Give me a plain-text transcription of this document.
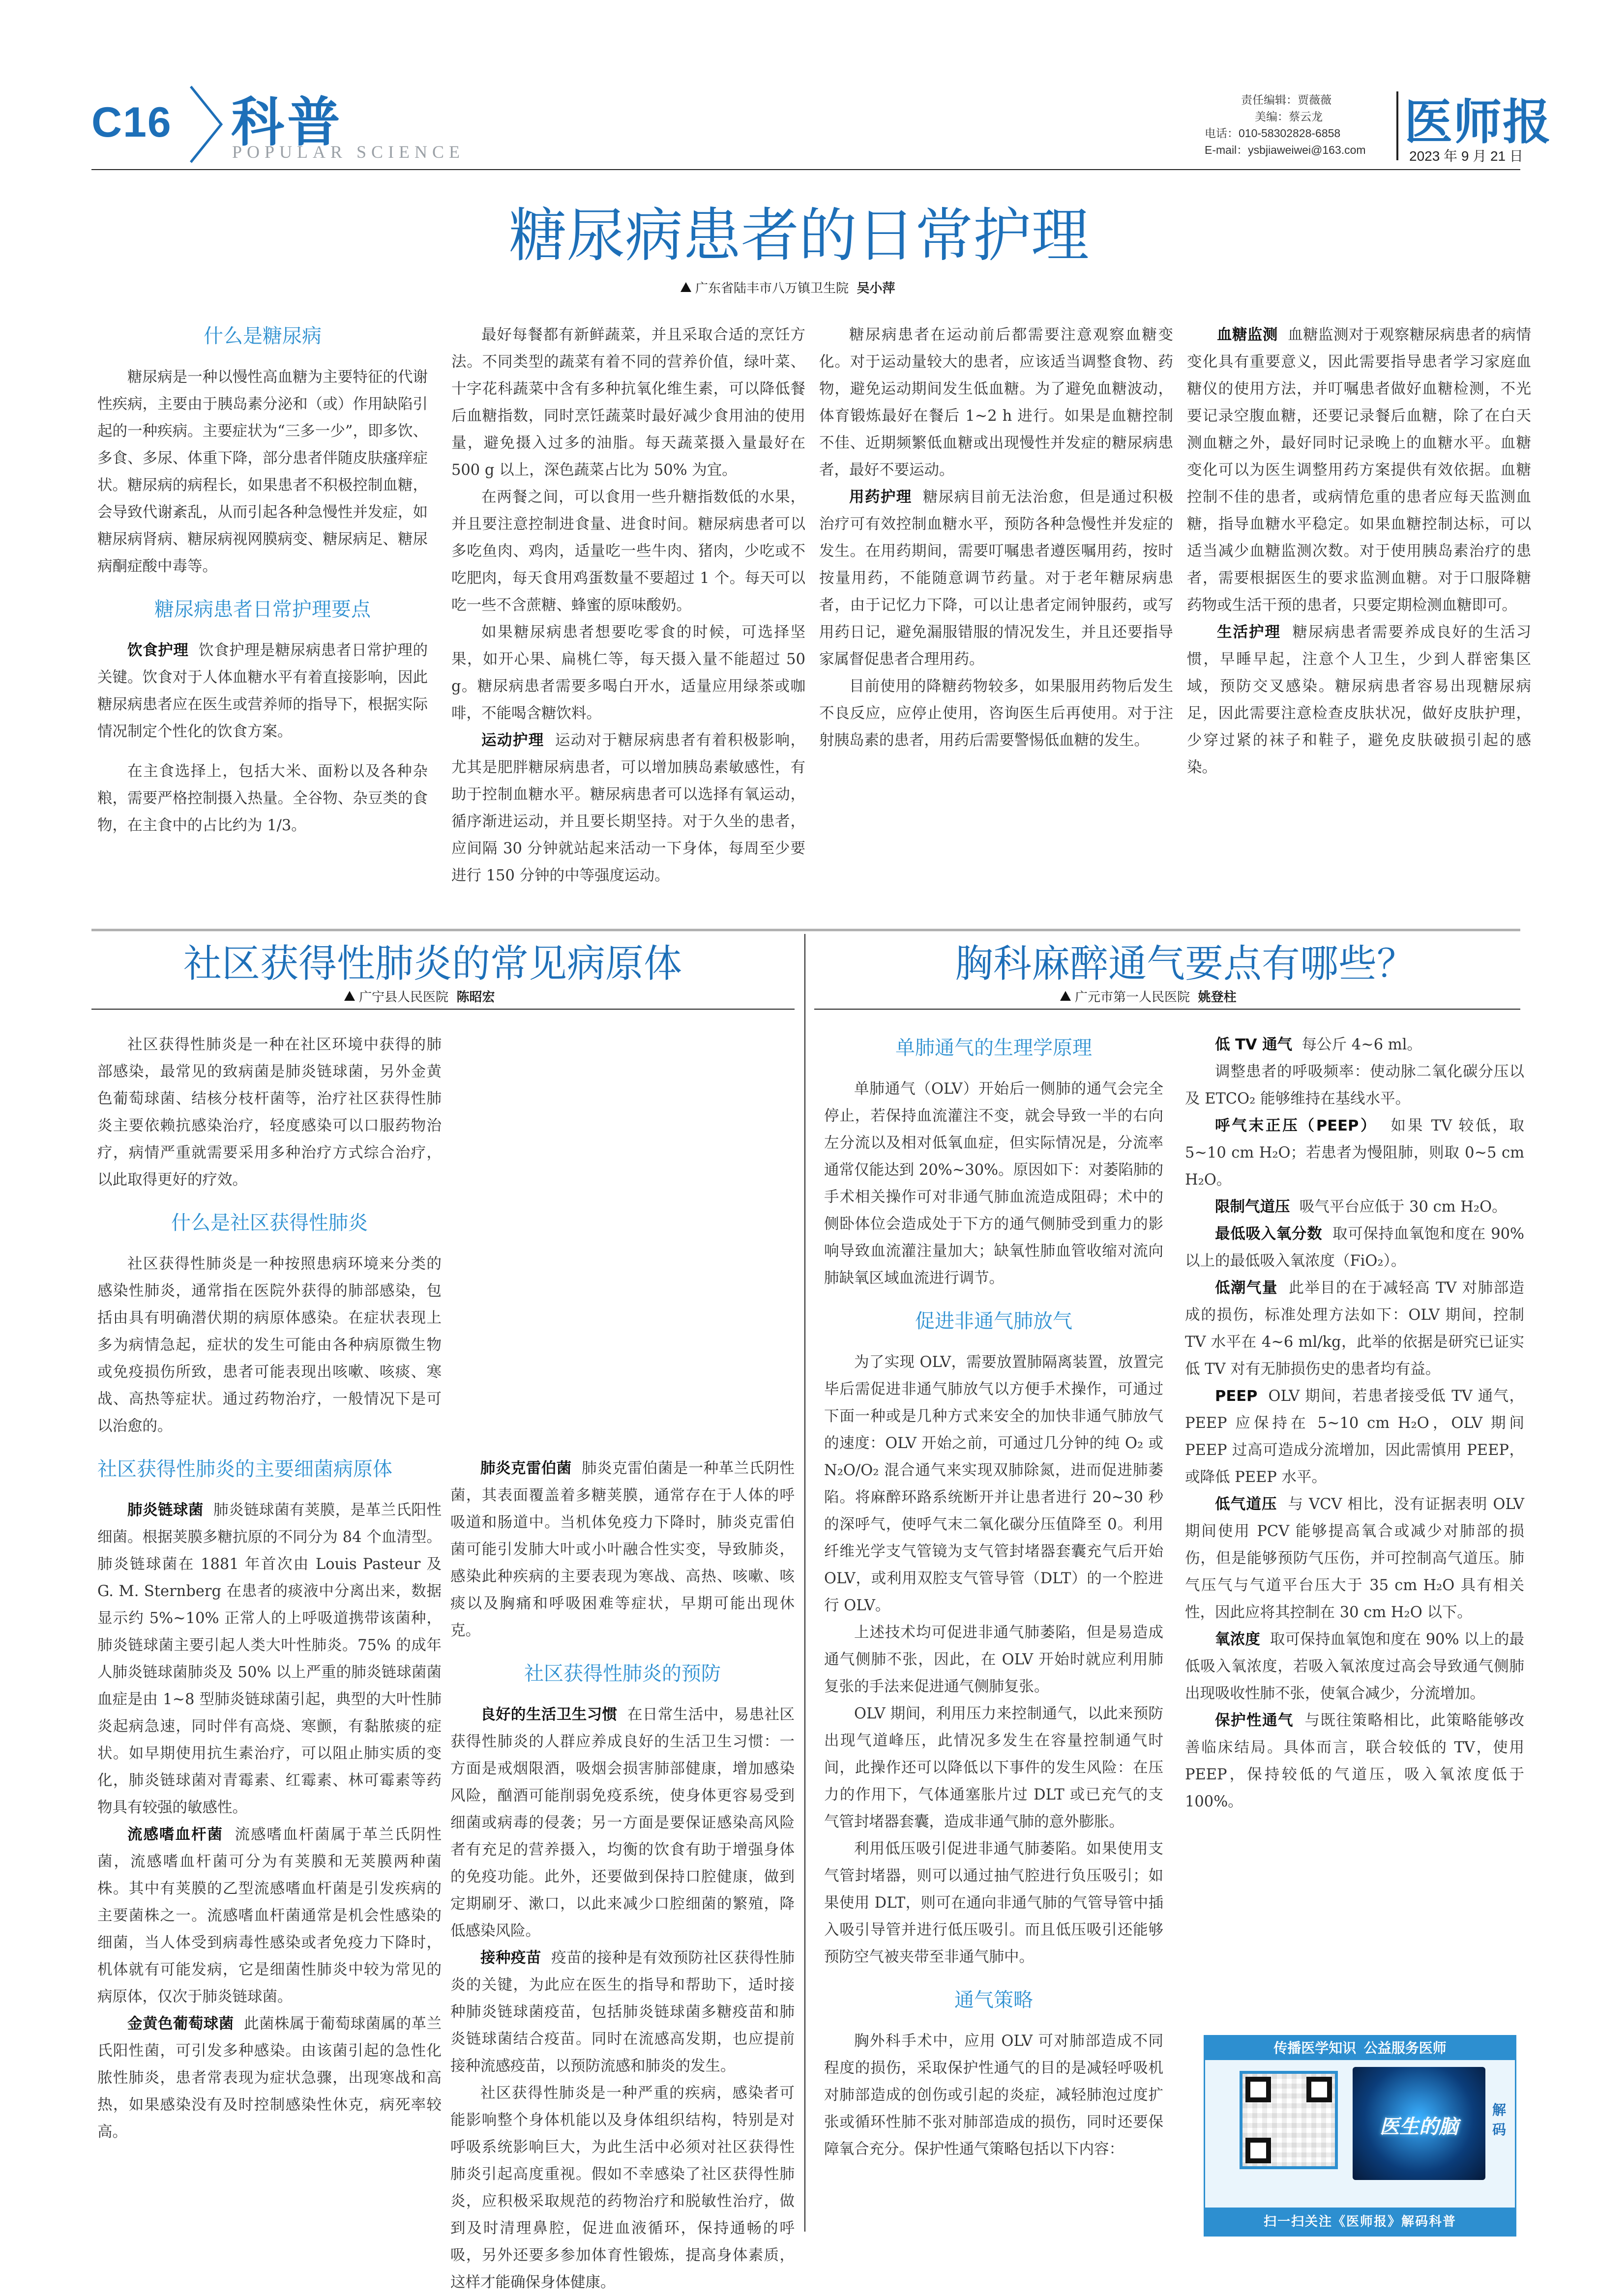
C16 科普
POPULAR SCIENCE
责任编辑：贾薇薇
美编：蔡云龙
电话：010-58302828-6858
E-mail：ysbjiaweiwei@163.com
医师报
2023 年 9 月 21 日
糖尿病患者的日常护理
广东省陆丰市八万镇卫生院 吴小萍
什么是糖尿病

糖尿病是一种以慢性高血糖为主要特征的代谢性疾病，主要由于胰岛素分泌和（或）作用缺陷引起的一种疾病。主要症状为“三多一少”，即多饮、多食、多尿、体重下降，部分患者伴随皮肤瘙痒症状。糖尿病的病程长，如果患者不积极控制血糖，会导致代谢紊乱，从而引起各种急慢性并发症，如糖尿病肾病、糖尿病视网膜病变、糖尿病足、糖尿病酮症酸中毒等。

糖尿病患者日常护理要点

饮食护理 饮食护理是糖尿病患者日常护理的关键。饮食对于人体血糖水平有着直接影响，因此糖尿病患者应在医生或营养师的指导下，根据实际情况制定个性化的饮食方案。

在主食选择上，包括大米、面粉以及各种杂粮，需要严格控制摄入热量。全谷物、杂豆类的食物，在主食中的占比约为 1/3。

最好每餐都有新鲜蔬菜，并且采取合适的烹饪方法。不同类型的蔬菜有着不同的营养价值，绿叶菜、十字花科蔬菜中含有多种抗氧化维生素，可以降低餐后血糖指数，同时烹饪蔬菜时最好减少食用油的使用量，避免摄入过多的油脂。每天蔬菜摄入量最好在 500 g 以上，深色蔬菜占比为 50% 为宜。

在两餐之间，可以食用一些升糖指数低的水果，并且要注意控制进食量、进食时间。糖尿病患者可以多吃鱼肉、鸡肉，适量吃一些牛肉、猪肉，少吃或不吃肥肉，每天食用鸡蛋数量不要超过 1 个。每天可以吃一些不含蔗糖、蜂蜜的原味酸奶。

如果糖尿病患者想要吃零食的时候，可选择坚果，如开心果、扁桃仁等，每天摄入量不能超过 50 g。糖尿病患者需要多喝白开水，适量应用绿茶或咖啡，不能喝含糖饮料。

运动护理 运动对于糖尿病患者有着积极影响，尤其是肥胖糖尿病患者，可以增加胰岛素敏感性，有助于控制血糖水平。糖尿病患者可以选择有氧运动，循序渐进运动，并且要长期坚持。对于久坐的患者，应间隔 30 分钟就站起来活动一下身体，每周至少要进行 150 分钟的中等强度运动。

糖尿病患者在运动前后都需要注意观察血糖变化。对于运动量较大的患者，应该适当调整食物、药物，避免运动期间发生低血糖。为了避免血糖波动，体育锻炼最好在餐后 1~2 h 进行。如果是血糖控制不佳、近期频繁低血糖或出现慢性并发症的糖尿病患者，最好不要运动。

用药护理 糖尿病目前无法治愈，但是通过积极治疗可有效控制血糖水平，预防各种急慢性并发症的发生。在用药期间，需要叮嘱患者遵医嘱用药，按时按量用药，不能随意调节药量。对于老年糖尿病患者，由于记忆力下降，可以让患者定闹钟服药，或写用药日记，避免漏服错服的情况发生，并且还要指导家属督促患者合理用药。

目前使用的降糖药物较多，如果服用药物后发生不良反应，应停止使用，咨询医生后再使用。对于注射胰岛素的患者，用药后需要警惕低血糖的发生。

血糖监测 血糖监测对于观察糖尿病患者的病情变化具有重要意义，因此需要指导患者学习家庭血糖仪的使用方法，并叮嘱患者做好血糖检测，不光要记录空腹血糖，还要记录餐后血糖，除了在白天测血糖之外，最好同时记录晚上的血糖水平。血糖变化可以为医生调整用药方案提供有效依据。血糖控制不佳的患者，或病情危重的患者应每天监测血糖，指导血糖水平稳定。如果血糖控制达标，可以适当减少血糖监测次数。对于使用胰岛素治疗的患者，需要根据医生的要求监测血糖。对于口服降糖药物或生活干预的患者，只要定期检测血糖即可。

生活护理 糖尿病患者需要养成良好的生活习惯，早睡早起，注意个人卫生，少到人群密集区域，预防交叉感染。糖尿病患者容易出现糖尿病足，因此需要注意检查皮肤状况，做好皮肤护理，少穿过紧的袜子和鞋子，避免皮肤破损引起的感染。

社区获得性肺炎的常见病原体
广宁县人民医院 陈昭宏

社区获得性肺炎是一种在社区环境中获得的肺部感染，最常见的致病菌是肺炎链球菌，另外金黄色葡萄球菌、结核分枝杆菌等，治疗社区获得性肺炎主要依赖抗感染治疗，轻度感染可以口服药物治疗，病情严重就需要采用多种治疗方式综合治疗，以此取得更好的疗效。

什么是社区获得性肺炎

社区获得性肺炎是一种按照患病环境来分类的感染性肺炎，通常指在医院外获得的肺部感染，包括由具有明确潜伏期的病原体感染。在症状表现上多为病情急起，症状的发生可能由各种病原微生物或免疫损伤所致，患者可能表现出咳嗽、咳痰、寒战、高热等症状。通过药物治疗，一般情况下是可以治愈的。

社区获得性肺炎的主要细菌病原体

肺炎链球菌 肺炎链球菌有荚膜，是革兰氏阳性细菌。根据荚膜多糖抗原的不同分为 84 个血清型。肺炎链球菌在 1881 年首次由 Louis Pasteur 及 G. M. Sternberg 在患者的痰液中分离出来，数据显示约 5%~10% 正常人的上呼吸道携带该菌种，肺炎链球菌主要引起人类大叶性肺炎。75% 的成年人肺炎链球菌肺炎及 50% 以上严重的肺炎链球菌菌血症是由 1~8 型肺炎链球菌引起，典型的大叶性肺炎起病急速，同时伴有高烧、寒颤，有黏脓痰的症状。如早期使用抗生素治疗，可以阻止肺实质的变化，肺炎链球菌对青霉素、红霉素、林可霉素等药物具有较强的敏感性。

流感嗜血杆菌 流感嗜血杆菌属于革兰氏阴性菌，流感嗜血杆菌可分为有荚膜和无荚膜两种菌株。其中有荚膜的乙型流感嗜血杆菌是引发疾病的主要菌株之一。流感嗜血杆菌通常是机会性感染的细菌，当人体受到病毒性感染或者免疫力下降时，机体就有可能发病，它是细菌性肺炎中较为常见的病原体，仅次于肺炎链球菌。

金黄色葡萄球菌 此菌株属于葡萄球菌属的革兰氏阳性菌，可引发多种感染。由该菌引起的急性化脓性肺炎，患者常表现为症状急骤，出现寒战和高热，如果感染没有及时控制感染性休克，病死率较高。

肺炎克雷伯菌 肺炎克雷伯菌是一种革兰氏阴性菌，其表面覆盖着多糖荚膜，通常存在于人体的呼吸道和肠道中。当机体免疫力下降时，肺炎克雷伯菌可能引发肺大叶或小叶融合性实变，导致肺炎，感染此种疾病的主要表现为寒战、高热、咳嗽、咳痰以及胸痛和呼吸困难等症状，早期可能出现休克。

社区获得性肺炎的预防

良好的生活卫生习惯 在日常生活中，易患社区获得性肺炎的人群应养成良好的生活卫生习惯：一方面是戒烟限酒，吸烟会损害肺部健康，增加感染风险，酗酒可能削弱免疫系统，使身体更容易受到细菌或病毒的侵袭；另一方面是要保证感染高风险者有充足的营养摄入，均衡的饮食有助于增强身体的免疫功能。此外，还要做到保持口腔健康，做到定期刷牙、漱口，以此来减少口腔细菌的繁殖，降低感染风险。

接种疫苗 疫苗的接种是有效预防社区获得性肺炎的关键，为此应在医生的指导和帮助下，适时接种肺炎链球菌疫苗，包括肺炎链球菌多糖疫苗和肺炎链球菌结合疫苗。同时在流感高发期，也应提前接种流感疫苗，以预防流感和肺炎的发生。

社区获得性肺炎是一种严重的疾病，感染者可能影响整个身体机能以及身体组织结构，特别是对呼吸系统影响巨大，为此生活中必须对社区获得性肺炎引起高度重视。假如不幸感染了社区获得性肺炎，应积极采取规范的药物治疗和脱敏性治疗，做到及时清理鼻腔，促进血液循环，保持通畅的呼吸，另外还要多参加体育性锻炼，提高身体素质，这样才能确保身体健康。

胸科麻醉通气要点有哪些？
广元市第一人民医院 姚登柱
单肺通气的生理学原理

单肺通气（OLV）开始后一侧肺的通气会完全停止，若保持血流灌注不变，就会导致一半的右向左分流以及相对低氧血症，但实际情况是，分流率通常仅能达到 20%~30%。原因如下：对萎陷肺的手术相关操作可对非通气肺血流造成阻碍；术中的侧卧体位会造成处于下方的通气侧肺受到重力的影响导致血流灌注量加大；缺氧性肺血管收缩对流向肺缺氧区域血流进行调节。

促进非通气肺放气

为了实现 OLV，需要放置肺隔离装置，放置完毕后需促进非通气肺放气以方便手术操作，可通过下面一种或是几种方式来安全的加快非通气肺放气的速度：OLV 开始之前，可通过几分钟的纯 O₂ 或 N₂O/O₂ 混合通气来实现双肺除氮，进而促进肺萎陷。将麻醉环路系统断开并让患者进行 20~30 秒的深呼气，使呼气末二氧化碳分压值降至 0。利用纤维光学支气管镜为支气管封堵器套囊充气后开始 OLV，或利用双腔支气管导管（DLT）的一个腔进行 OLV。

上述技术均可促进非通气肺萎陷，但是易造成通气侧肺不张，因此，在 OLV 开始时就应利用肺复张的手法来促进通气侧肺复张。

OLV 期间，利用压力来控制通气，以此来预防出现气道峰压，此情况多发生在容量控制通气时间，此操作还可以降低以下事件的发生风险：在压力的作用下，气体通塞胀片过 DLT 或已充气的支气管封堵器套囊，造成非通气肺的意外膨胀。

利用低压吸引促进非通气肺萎陷。如果使用支气管封堵器，则可以通过抽气腔进行负压吸引；如果使用 DLT，则可在通向非通气肺的气管导管中插入吸引导管并进行低压吸引。而且低压吸引还能够预防空气被夹带至非通气肺中。

通气策略

胸外科手术中，应用 OLV 可对肺部造成不同程度的损伤，采取保护性通气的目的是减轻呼吸机对肺部造成的创伤或引起的炎症，减轻肺泡过度扩张或循环性肺不张对肺部造成的损伤，同时还要保障氧合充分。保护性通气策略包括以下内容：

低 TV 通气 每公斤 4~6 ml。

调整患者的呼吸频率：使动脉二氧化碳分压以及 ETCO₂ 能够维持在基线水平。

呼气末正压（PEEP） 如果 TV 较低，取 5~10 cm H₂O；若患者为慢阻肺，则取 0~5 cm H₂O。

限制气道压 吸气平台应低于 30 cm H₂O。

最低吸入氧分数 取可保持血氧饱和度在 90% 以上的最低吸入氧浓度（FiO₂）。

低潮气量 此举目的在于减轻高 TV 对肺部造成的损伤，标准处理方法如下：OLV 期间，控制 TV 水平在 4~6 ml/kg，此举的依据是研究已证实低 TV 对有无肺损伤史的患者均有益。

PEEP OLV 期间，若患者接受低 TV 通气，PEEP 应保持在 5~10 cm H₂O，OLV 期间 PEEP 过高可造成分流增加，因此需慎用 PEEP，或降低 PEEP 水平。

低气道压 与 VCV 相比，没有证据表明 OLV 期间使用 PCV 能够提高氧合或减少对肺部的损伤，但是能够预防气压伤，并可控制高气道压。肺气压气与气道平台压大于 35 cm H₂O 具有相关性，因此应将其控制在 30 cm H₂O 以下。

氧浓度 取可保持血氧饱和度在 90% 以上的最低吸入氧浓度，若吸入氧浓度过高会导致通气侧肺出现吸收性肺不张，使氧合减少，分流增加。

保护性通气 与既往策略相比，此策略能够改善临床结局。具体而言，联合较低的 TV，使用 PEEP，保持较低的气道压，吸入氧浓度低于 100%。

传播医学知识  公益服务医师
医生的脑
解码
扫一扫关注《医师报》解码科普
